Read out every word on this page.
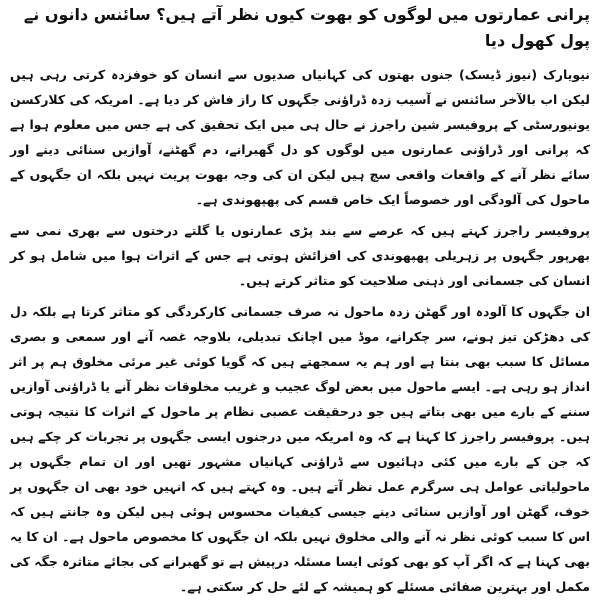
پرانی عمارتوں میں لوگوں کو بھوت کیوں نظر آتے ہیں؟ سائنس دانوں نے پول کھول دیا

نیویارک (نیوز ڈیسک) جنوں بھتوں کی کہانیاں صدیوں سے انسان کو خوفزدہ کرتی رہی ہیں لیکن اب بالآخر سائنس نے آسیب زدہ ڈراؤنی جگہوں کا راز فاش کر دیا ہے۔ امریکہ کی کلارکسن یونیورسٹی کے پروفیسر شین راجرز نے حال ہی میں ایک تحقیق کی ہے جس میں معلوم ہوا ہے کہ پرانی اور ڈراؤنی عمارتوں میں لوگوں کو دل گھبرانے، دم گھٹنے، آوازیں سنائی دینے اور سائے نظر آنے کے واقعات واقعی سچ ہیں لیکن ان کی وجہ بھوت پریت نہیں بلکہ ان جگہوں کے ماحول کی آلودگی اور خصوصاً ایک خاص قسم کی پھپھوندی ہے۔

پروفیسر راجرز کہتے ہیں کہ عرصے سے بند پڑی عمارتوں یا گلتے درختوں سے بھری نمی سے بھرپور جگہوں پر زہریلی پھپھوندی کی افزائش ہوتی ہے جس کے اثرات ہوا میں شامل ہو کر انسان کی جسمانی اور ذہنی صلاحیت کو متاثر کرتے ہیں۔

ان جگہوں کا آلودہ اور گھٹن زدہ ماحول نہ صرف جسمانی کارکردگی کو متاثر کرتا ہے بلکہ دل کی دھڑکن تیز ہونے، سر چکرانے، موڈ میں اچانک تبدیلی، بلاوجہ غصہ آنے اور سمعی و بصری مسائل کا سبب بھی بنتا ہے اور ہم یہ سمجھتے ہیں کہ گویا کوئی غیر مرئی مخلوق ہم پر اثر انداز ہو رہی ہے۔ ایسے ماحول میں بعض لوگ عجیب و غریب مخلوقات نظر آنے یا ڈراؤنی آوازیں سننے کے بارے میں بھی بتاتے ہیں جو درحقیقت عصبی نظام پر ماحول کے اثرات کا نتیجہ ہوتی ہیں۔ پروفیسر راجرز کا کہنا ہے کہ وہ امریکہ میں درجنوں ایسی جگہوں پر تجربات کر چکے ہیں کہ جن کے بارے میں کئی دہائیوں سے ڈراؤنی کہانیاں مشہور تھیں اور ان تمام جگہوں پر ماحولیاتی عوامل ہی سرگرم عمل نظر آتے ہیں۔ وہ کہتے ہیں کہ انہیں خود بھی ان جگہوں پر خوف، گھٹن اور آوازیں سنائی دینے جیسی کیفیات محسوس ہوئی ہیں لیکن وہ جانتے ہیں کہ اس کا سبب کوئی نظر نہ آنے والی مخلوق نہیں بلکہ ان جگہوں کا مخصوص ماحول ہے۔ ان کا یہ بھی کہنا ہے کہ اگر آپ کو بھی کوئی ایسا مسئلہ درپیش ہے تو گھبرانے کی بجائے متاثرہ جگہ کی مکمل اور بہترین صفائی مسئلے کو ہمیشہ کے لئے حل کر سکتی ہے۔
